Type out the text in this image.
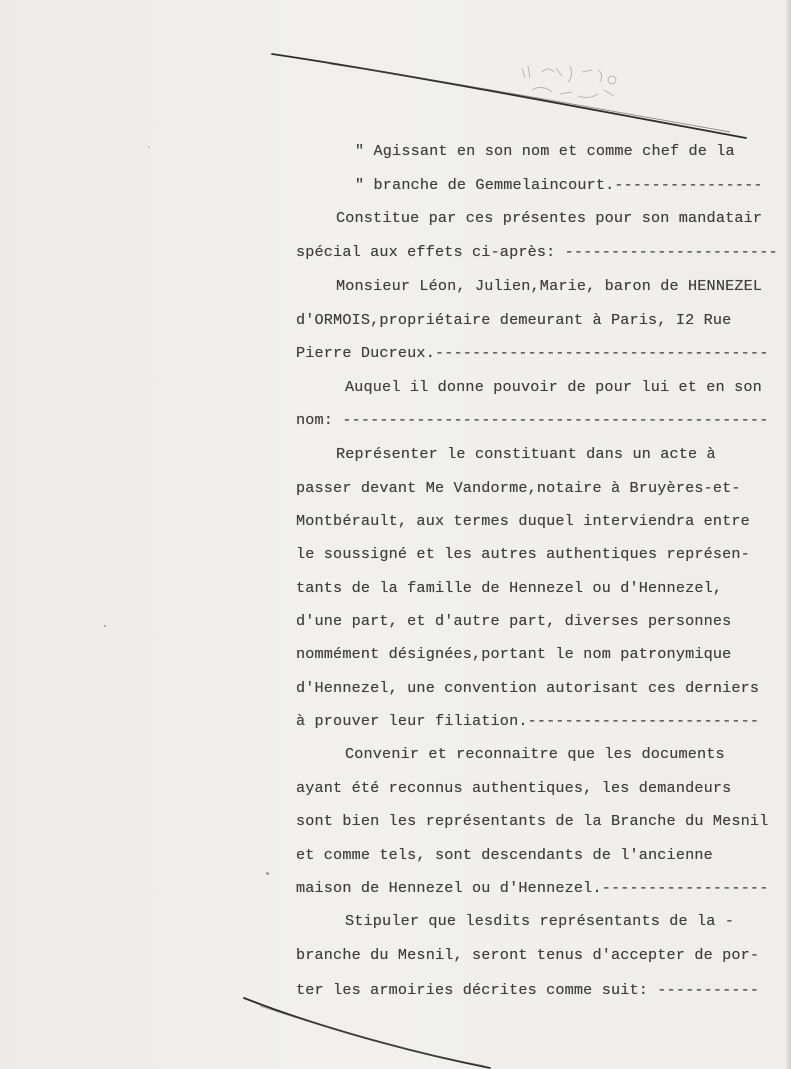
" Agissant en son nom et comme chef de la
" branche de Gemmelaincourt.----------------
Constitue par ces présentes pour son mandatair
spécial aux effets ci-après: -----------------------
Monsieur Léon, Julien,Marie, baron de HENNEZEL
d'ORMOIS,propriétaire demeurant à Paris, I2 Rue
Pierre Ducreux.------------------------------------
Auquel il donne pouvoir de pour lui et en son
nom: ----------------------------------------------
Représenter le constituant dans un acte à
passer devant Me Vandorme,notaire à Bruyères-et-
Montbérault, aux termes duquel interviendra entre
le soussigné et les autres authentiques représen-
tants de la famille de Hennezel ou d'Hennezel,
d'une part, et d'autre part, diverses personnes
nommément désignées,portant le nom patronymique
d'Hennezel, une convention autorisant ces derniers
à prouver leur filiation.-------------------------
Convenir et reconnaitre que les documents
ayant été reconnus authentiques, les demandeurs
sont bien les représentants de la Branche du Mesnil
et comme tels, sont descendants de l'ancienne
maison de Hennezel ou d'Hennezel.------------------
Stipuler que lesdits représentants de la -
branche du Mesnil, seront tenus d'accepter de por-
ter les armoiries décrites comme suit: -----------
